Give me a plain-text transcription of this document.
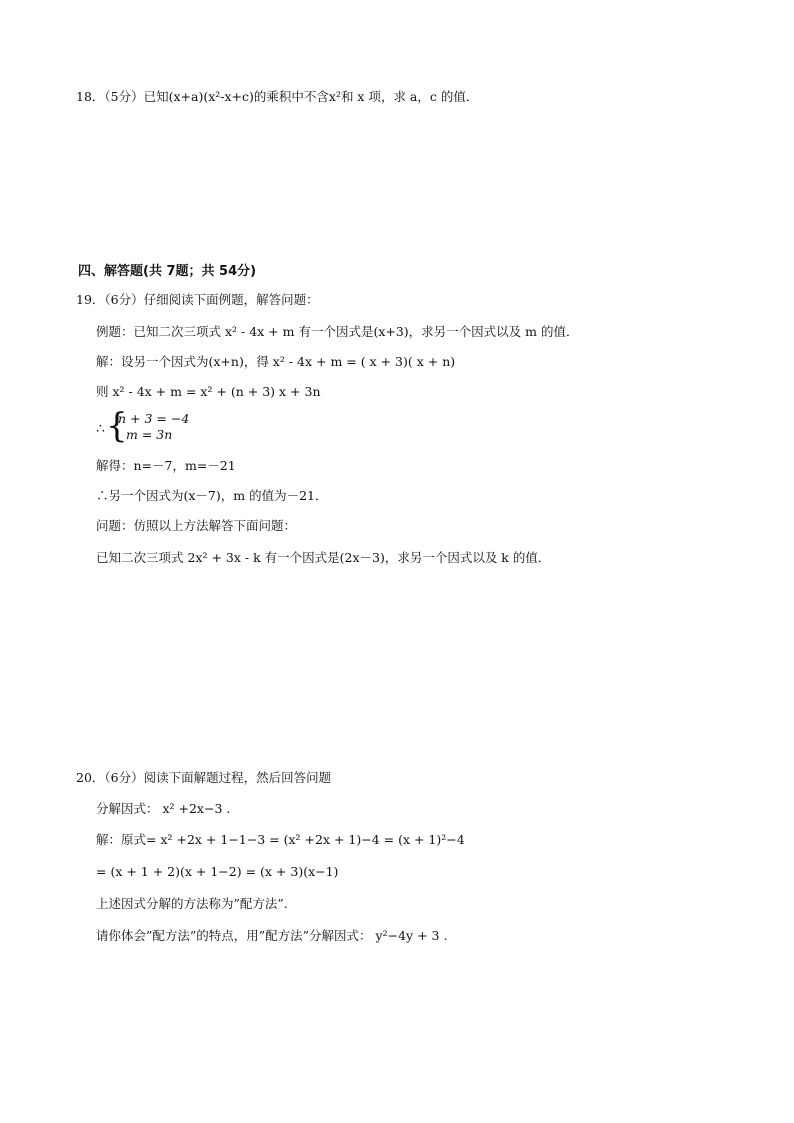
18．（5分）已知(x+a)(x²-x+c)的乘积中不含x²和 x 项，求 a，c 的值．
四、解答题(共 7题；共 54分)
19．（6分）仔细阅读下面例题，解答问题：
例题：已知二次三项式 x² - 4x + m 有一个因式是(x+3)，求另一个因式以及 m 的值．
解：设另一个因式为(x+n)，得 x² - 4x + m = ( x + 3)( x + n)
则 x² - 4x + m = x² + (n + 3) x + 3n
∴ {
n + 3 = −4
m = 3n
解得：n=－7，m=－21
∴另一个因式为(x－7)，m 的值为－21．
问题：仿照以上方法解答下面问题：
已知二次三项式 2x² + 3x - k 有一个因式是(2x－3)，求另一个因式以及 k 的值．
20．（6分）阅读下面解题过程，然后回答问题
分解因式： x² +2x−3 .
解：原式= x² +2x + 1−1−3 = (x² +2x + 1)−4 = (x + 1)²−4
= (x + 1 + 2)(x + 1−2) = (x + 3)(x−1)
上述因式分解的方法称为”配方法”.
请你体会”配方法”的特点，用”配方法”分解因式： y²−4y + 3 .
